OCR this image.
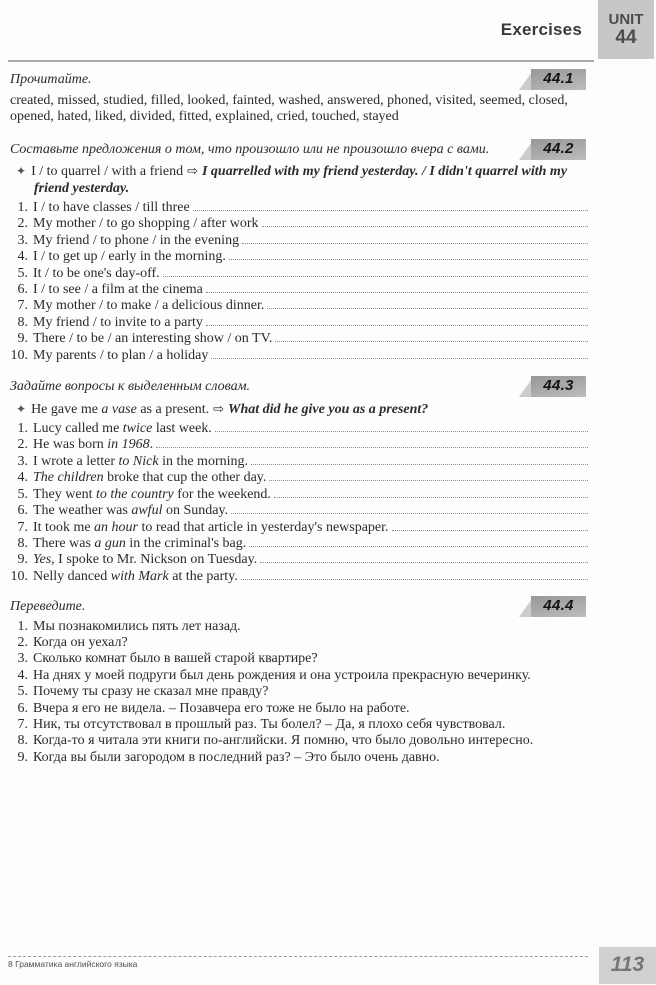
Exercises
UNIT
44
Прочитайте.	44.1

created, missed, studied, filled, looked, fainted, washed, answered, phoned, visited, seemed, closed, opened, hated, liked, divided, fitted, explained, cried, touched, stayed

Составьте предложения о том, что произошло или не произошло вчера с вами.	44.2

✦ I / to quarrel / with a friend ⇨ I quarrelled with my friend yesterday. / I didn't quarrel with my friend yesterday.

1. I / to have classes / till three
2. My mother / to go shopping / after work
3. My friend / to phone / in the evening
4. I / to get up / early in the morning.
5. It / to be one's day-off.
6. I / to see / a film at the cinema
7. My mother / to make / a delicious dinner.
8. My friend / to invite to a party
9. There / to be / an interesting show / on TV.
10. My parents / to plan / a holiday
Задайте вопросы к выделенным словам.	44.3

✦ He gave me a vase as a present. ⇨ What did he give you as a present?

1. Lucy called me twice last week.
2. He was born in 1968.
3. I wrote a letter to Nick in the morning.
4. The children broke that cup the other day.
5. They went to the country for the weekend.
6. The weather was awful on Sunday.
7. It took me an hour to read that article in yesterday's newspaper.
8. There was a gun in the criminal's bag.
9. Yes, I spoke to Mr. Nickson on Tuesday.
10. Nelly danced with Mark at the party.
Переведите.	44.4
1. Мы познакомились пять лет назад.
2. Когда он уехал?
3. Сколько комнат было в вашей старой квартире?
4. На днях у моей подруги был день рождения и она устроила прекрасную вечеринку.
5. Почему ты сразу не сказал мне правду?
6. Вчера я его не видела. – Позавчера его тоже не было на работе.
7. Ник, ты отсутствовал в прошлый раз. Ты болел? – Да, я плохо себя чувствовал.
8. Когда-то я читала эти книги по-английски. Я помню, что было довольно интересно.
9. Когда вы были загородом в последний раз? – Это было очень давно.
8 Грамматика английского языка	113
